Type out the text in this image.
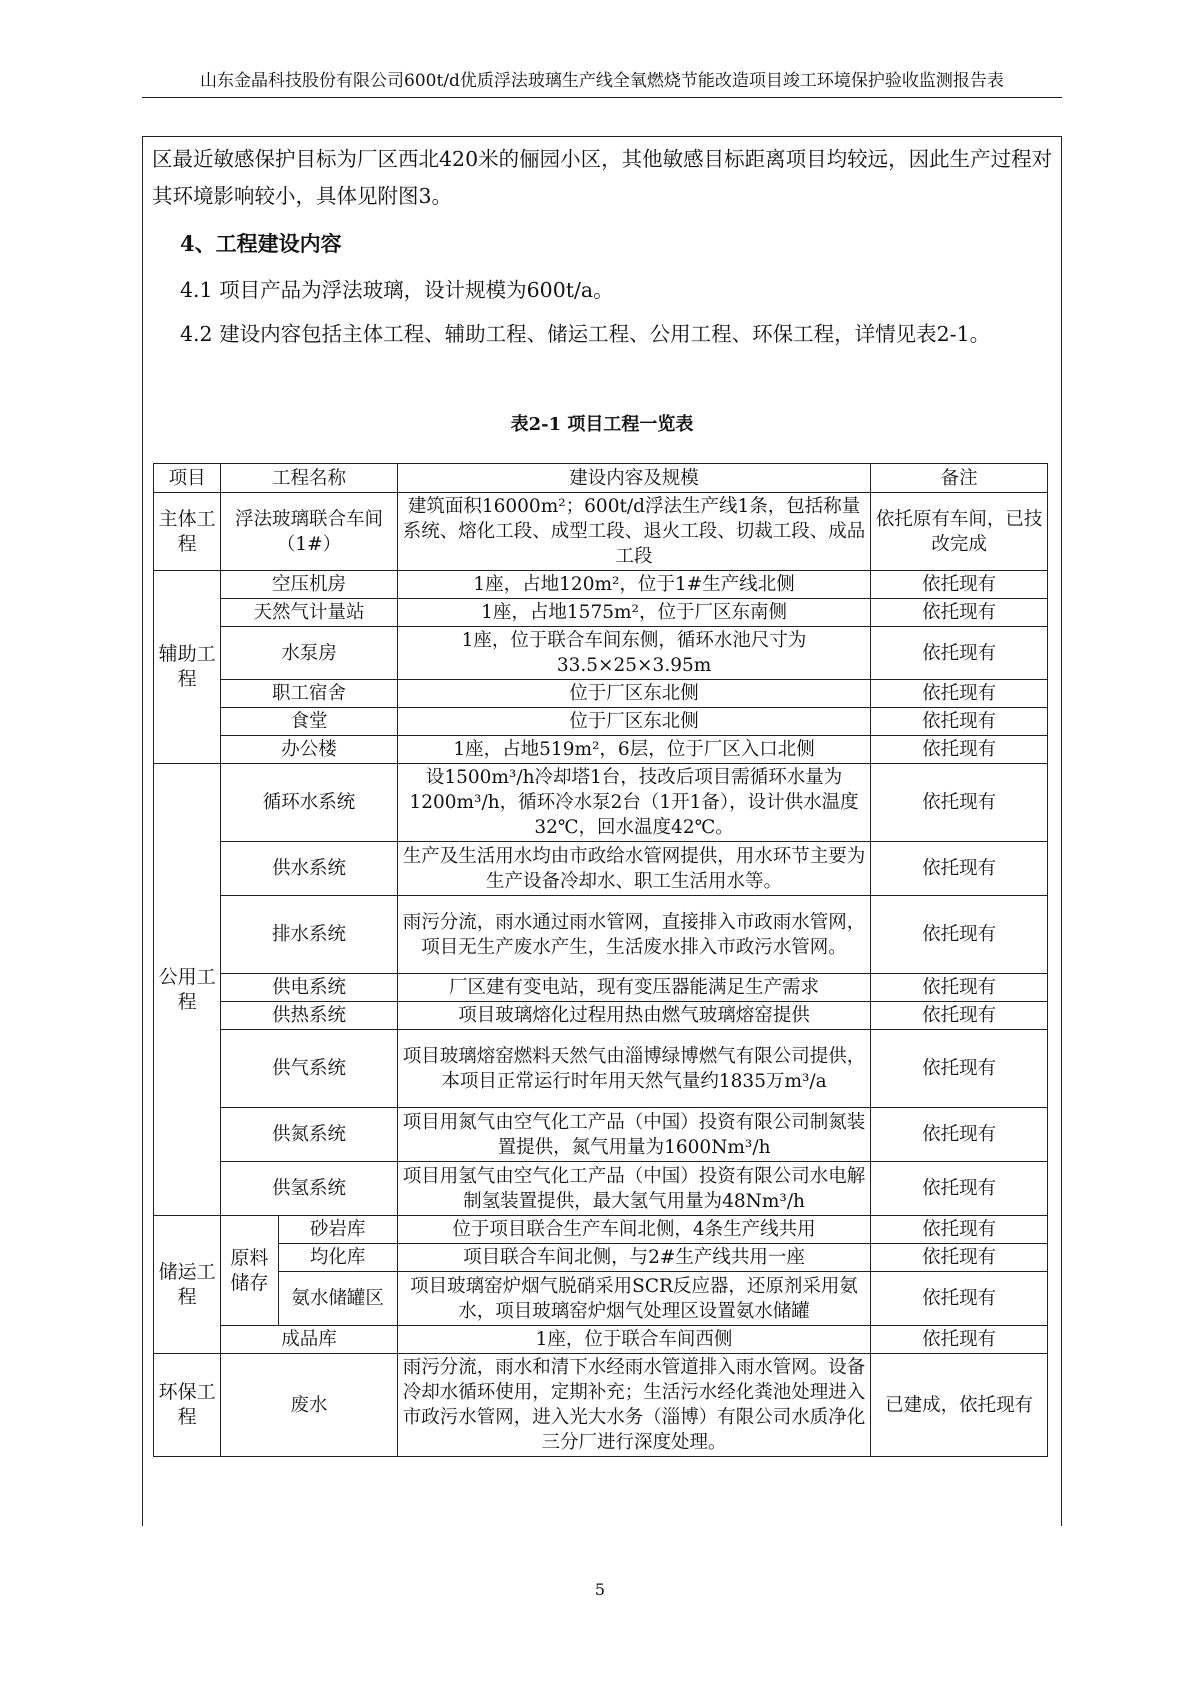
山东金晶科技股份有限公司600t/d优质浮法玻璃生产线全氧燃烧节能改造项目竣工环境保护验收监测报告表
区最近敏感保护目标为厂区西北420米的俪园小区，其他敏感目标距离项目均较远，因此生产过程对其环境影响较小，具体见附图3。
4、工程建设内容
4.1 项目产品为浮法玻璃，设计规模为600t/a。
4.2 建设内容包括主体工程、辅助工程、储运工程、公用工程、环保工程，详情见表2-1。
表2-1 项目工程一览表
项目	工程名称		建设内容及规模	备注
主体工程	浮法玻璃联合车间（1#）		建筑面积16000m²；600t/d浮法生产线1条，包括称量系统、熔化工段、成型工段、退火工段、切裁工段、成品工段	依托原有车间，已技改完成
辅助工程	空压机房		1座，占地120m²，位于1#生产线北侧	依托现有
	天然气计量站		1座，占地1575m²，位于厂区东南侧	依托现有
	水泵房		1座，位于联合车间东侧，循环水池尺寸为33.5×25×3.95m	依托现有
	职工宿舍		位于厂区东北侧	依托现有
	食堂		位于厂区东北侧	依托现有
	办公楼		1座，占地519m²，6层，位于厂区入口北侧	依托现有
公用工程	循环水系统		设1500m³/h冷却塔1台，技改后项目需循环水量为1200m³/h，循环冷水泵2台（1开1备），设计供水温度32℃，回水温度42℃。	依托现有
	供水系统		生产及生活用水均由市政给水管网提供，用水环节主要为生产设备冷却水、职工生活用水等。	依托现有
	排水系统		雨污分流，雨水通过雨水管网，直接排入市政雨水管网，项目无生产废水产生，生活废水排入市政污水管网。	依托现有
	供电系统		厂区建有变电站，现有变压器能满足生产需求	依托现有
	供热系统		项目玻璃熔化过程用热由燃气玻璃熔窑提供	依托现有
	供气系统		项目玻璃熔窑燃料天然气由淄博绿博燃气有限公司提供，本项目正常运行时年用天然气量约1835万m³/a	依托现有
	供氮系统		项目用氮气由空气化工产品（中国）投资有限公司制氮装置提供，氮气用量为1600Nm³/h	依托现有
	供氢系统		项目用氢气由空气化工产品（中国）投资有限公司水电解制氢装置提供，最大氢气用量为48Nm³/h	依托现有
储运工程	原料储存	砂岩库	位于项目联合生产车间北侧，4条生产线共用	依托现有
		均化库	项目联合车间北侧，与2#生产线共用一座	依托现有
		氨水储罐区	项目玻璃窑炉烟气脱硝采用SCR反应器，还原剂采用氨水，项目玻璃窑炉烟气处理区设置氨水储罐	依托现有
	成品库		1座，位于联合车间西侧	依托现有
环保工程	废水		雨污分流，雨水和清下水经雨水管道排入雨水管网。设备冷却水循环使用，定期补充；生活污水经化粪池处理进入市政污水管网，进入光大水务（淄博）有限公司水质净化三分厂进行深度处理。	已建成，依托现有
5
